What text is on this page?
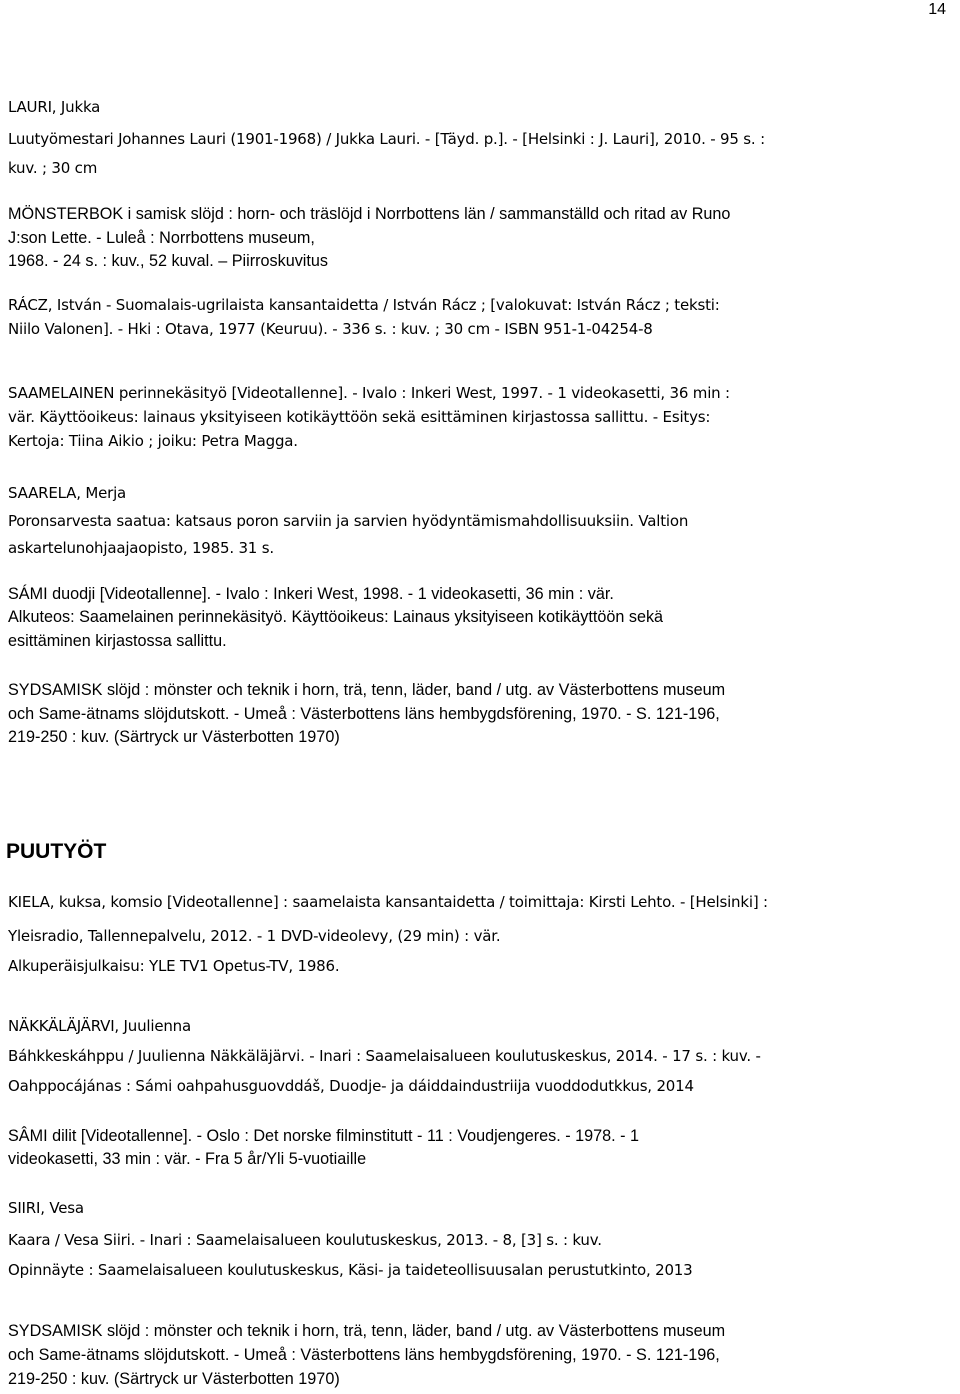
14

LAURI, Jukka

Luutyömestari Johannes Lauri (1901-1968) / Jukka Lauri. - [Täyd. p.]. - [Helsinki : J. Lauri], 2010. - 95 s. :

kuv. ; 30 cm

MÖNSTERBOK i samisk slöjd : horn- och träslöjd i Norrbottens län / sammanställd och ritad av Runo

J:son Lette. - Luleå : Norrbottens museum,

1968. - 24 s. : kuv., 52 kuval. – Piirroskuvitus

RÁCZ, István - Suomalais-ugrilaista kansantaidetta / István Rácz ; [valokuvat: István Rácz ; teksti:

Niilo Valonen]. - Hki : Otava, 1977 (Keuruu). - 336 s. : kuv. ; 30 cm - ISBN 951-1-04254-8

SAAMELAINEN perinnekäsityö [Videotallenne]. - Ivalo : Inkeri West, 1997. - 1 videokasetti, 36 min :

vär. Käyttöoikeus: lainaus yksityiseen kotikäyttöön sekä esittäminen kirjastossa sallittu. - Esitys:

Kertoja: Tiina Aikio ; joiku: Petra Magga.

SAARELA, Merja

Poronsarvesta saatua: katsaus poron sarviin ja sarvien hyödyntämismahdollisuuksiin. Valtion

askartelunohjaajaopisto, 1985. 31 s.

SÁMI duodji [Videotallenne]. - Ivalo : Inkeri West, 1998. - 1 videokasetti, 36 min : vär.

Alkuteos: Saamelainen perinnekäsityö. Käyttöoikeus: Lainaus yksityiseen kotikäyttöön sekä

esittäminen kirjastossa sallittu.

SYDSAMISK slöjd : mönster och teknik i horn, trä, tenn, läder, band / utg. av Västerbottens museum

och Same-ätnams slöjdutskott. - Umeå : Västerbottens läns hembygdsförening, 1970. - S. 121-196,

219-250 : kuv. (Särtryck ur Västerbotten 1970)

PUUTYÖT

KIELA, kuksa, komsio [Videotallenne] : saamelaista kansantaidetta / toimittaja: Kirsti Lehto. - [Helsinki] :

Yleisradio, Tallennepalvelu, 2012. - 1 DVD-videolevy, (29 min) : vär.

Alkuperäisjulkaisu: YLE TV1 Opetus-TV, 1986.

NÄKKÄLÄJÄRVI, Juulienna

Báhkkeskáhppu / Juulienna Näkkäläjärvi. - Inari : Saamelaisalueen koulutuskeskus, 2014. - 17 s. : kuv. -

Oahppocájánas : Sámi oahpahusguovddáš, Duodje- ja dáiddaindustriija vuoddodutkkus, 2014

SÂMI dilit [Videotallenne]. - Oslo : Det norske filminstitutt - 11 : Voudjengeres. - 1978. - 1

videokasetti, 33 min : vär. - Fra 5 år/Yli 5-vuotiaille

SIIRI, Vesa

Kaara / Vesa Siiri. - Inari : Saamelaisalueen koulutuskeskus, 2013. - 8, [3] s. : kuv.

Opinnäyte : Saamelaisalueen koulutuskeskus, Käsi- ja taideteollisuusalan perustutkinto, 2013

SYDSAMISK slöjd : mönster och teknik i horn, trä, tenn, läder, band / utg. av Västerbottens museum

och Same-ätnams slöjdutskott. - Umeå : Västerbottens läns hembygdsförening, 1970. - S. 121-196,

219-250 : kuv. (Särtryck ur Västerbotten 1970)
